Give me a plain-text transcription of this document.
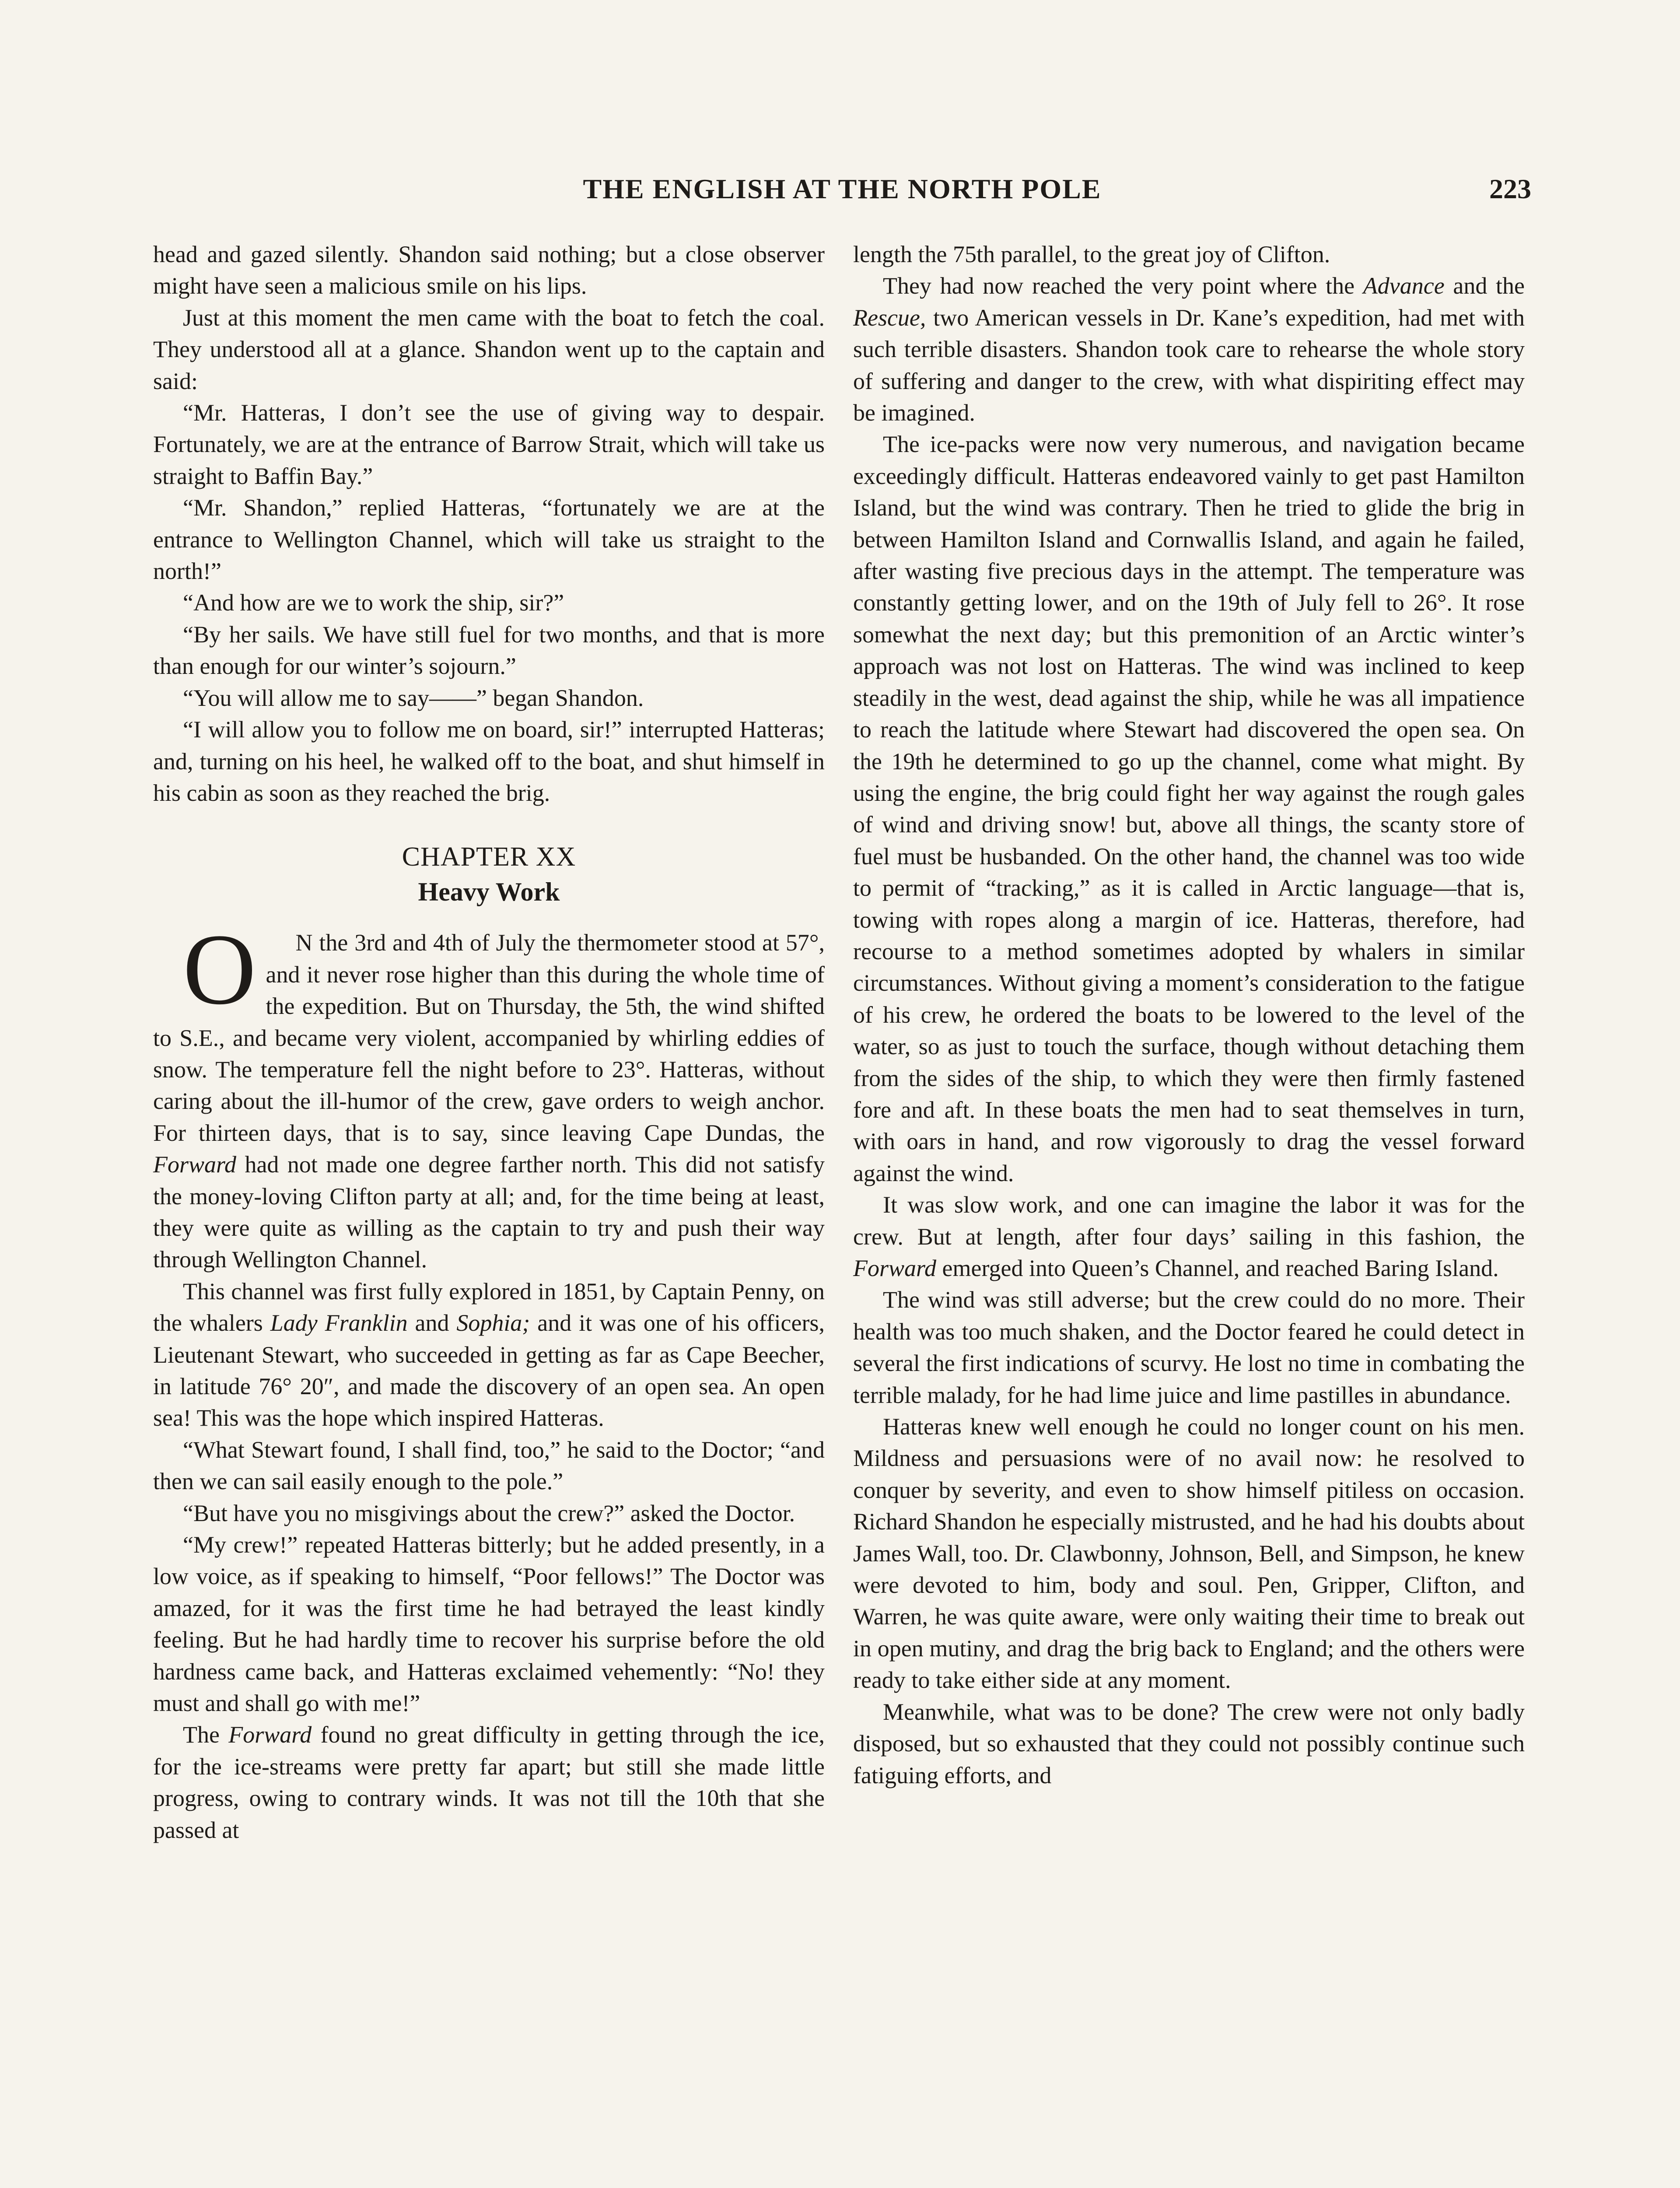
THE ENGLISH AT THE NORTH POLE	223

head and gazed silently. Shandon said nothing; but a close observer might have seen a malicious smile on his lips.

Just at this moment the men came with the boat to fetch the coal. They understood all at a glance. Shandon went up to the captain and said:

“Mr. Hatteras, I don’t see the use of giving way to despair. Fortunately, we are at the entrance of Barrow Strait, which will take us straight to Baffin Bay.”

“Mr. Shandon,” replied Hatteras, “fortunately we are at the entrance to Wellington Channel, which will take us straight to the north!”

“And how are we to work the ship, sir?”

“By her sails. We have still fuel for two months, and that is more than enough for our winter’s sojourn.”

“You will allow me to say——” began Shandon.

“I will allow you to follow me on board, sir!” interrupted Hatteras; and, turning on his heel, he walked off to the boat, and shut himself in his cabin as soon as they reached the brig.

CHAPTER XX
Heavy Work

O N the 3rd and 4th of July the thermometer stood at 57°, and it never rose higher than this during the whole time of the expedition. But on Thursday, the 5th, the wind shifted to S.E., and became very violent, accompanied by whirling eddies of snow. The temperature fell the night before to 23°. Hatteras, without caring about the ill-humor of the crew, gave orders to weigh anchor. For thirteen days, that is to say, since leaving Cape Dundas, the Forward had not made one degree farther north. This did not satisfy the money-loving Clifton party at all; and, for the time being at least, they were quite as willing as the captain to try and push their way through Wellington Channel.

This channel was first fully explored in 1851, by Captain Penny, on the whalers Lady Franklin and Sophia; and it was one of his officers, Lieutenant Stewart, who succeeded in getting as far as Cape Beecher, in latitude 76° 20″, and made the discovery of an open sea. An open sea! This was the hope which inspired Hatteras.

“What Stewart found, I shall find, too,” he said to the Doctor; “and then we can sail easily enough to the pole.”

“But have you no misgivings about the crew?” asked the Doctor.

“My crew!” repeated Hatteras bitterly; but he added presently, in a low voice, as if speaking to himself, “Poor fellows!” The Doctor was amazed, for it was the first time he had betrayed the least kindly feeling. But he had hardly time to recover his surprise before the old hardness came back, and Hatteras exclaimed vehemently: “No! they must and shall go with me!”

The Forward found no great difficulty in getting through the ice, for the ice-streams were pretty far apart; but still she made little progress, owing to contrary winds. It was not till the 10th that she passed at

length the 75th parallel, to the great joy of Clifton.

They had now reached the very point where the Advance and the Rescue, two American vessels in Dr. Kane’s expedition, had met with such terrible disasters. Shandon took care to rehearse the whole story of suffering and danger to the crew, with what dispiriting effect may be imagined.

The ice-packs were now very numerous, and navigation became exceedingly difficult. Hatteras endeavored vainly to get past Hamilton Island, but the wind was contrary. Then he tried to glide the brig in between Hamilton Island and Cornwallis Island, and again he failed, after wasting five precious days in the attempt. The temperature was constantly getting lower, and on the 19th of July fell to 26°. It rose somewhat the next day; but this premonition of an Arctic winter’s approach was not lost on Hatteras. The wind was inclined to keep steadily in the west, dead against the ship, while he was all impatience to reach the latitude where Stewart had discovered the open sea. On the 19th he determined to go up the channel, come what might. By using the engine, the brig could fight her way against the rough gales of wind and driving snow! but, above all things, the scanty store of fuel must be husbanded. On the other hand, the channel was too wide to permit of “tracking,” as it is called in Arctic language—that is, towing with ropes along a margin of ice. Hatteras, therefore, had recourse to a method sometimes adopted by whalers in similar circumstances. Without giving a moment’s consideration to the fatigue of his crew, he ordered the boats to be lowered to the level of the water, so as just to touch the surface, though without detaching them from the sides of the ship, to which they were then firmly fastened fore and aft. In these boats the men had to seat themselves in turn, with oars in hand, and row vigorously to drag the vessel forward against the wind.

It was slow work, and one can imagine the labor it was for the crew. But at length, after four days’ sailing in this fashion, the Forward emerged into Queen’s Channel, and reached Baring Island.

The wind was still adverse; but the crew could do no more. Their health was too much shaken, and the Doctor feared he could detect in several the first indications of scurvy. He lost no time in combating the terrible malady, for he had lime juice and lime pastilles in abundance.

Hatteras knew well enough he could no longer count on his men. Mildness and persuasions were of no avail now: he resolved to conquer by severity, and even to show himself pitiless on occasion. Richard Shandon he especially mistrusted, and he had his doubts about James Wall, too. Dr. Clawbonny, Johnson, Bell, and Simpson, he knew were devoted to him, body and soul. Pen, Gripper, Clifton, and Warren, he was quite aware, were only waiting their time to break out in open mutiny, and drag the brig back to England; and the others were ready to take either side at any moment.

Meanwhile, what was to be done? The crew were not only badly disposed, but so exhausted that they could not possibly continue such fatiguing efforts, and
